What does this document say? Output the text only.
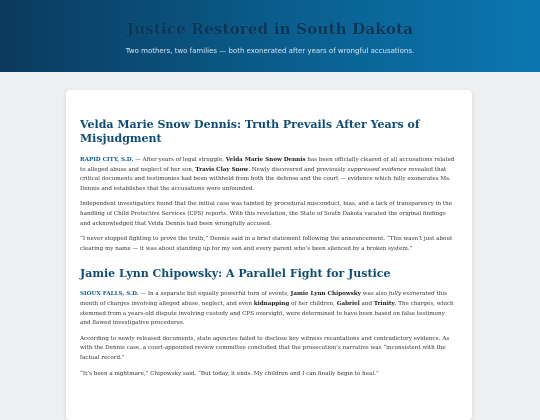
Justice Restored in South Dakota
Two mothers, two families — both exonerated after years of wrongful accusations.
Velda Marie Snow Dennis: Truth Prevails After Years of Misjudgment

RAPID CITY, S.D. — After years of legal struggle, Velda Marie Snow Dennis has been officially cleared of all accusations related to alleged abuse and neglect of her son, Travis Clay Snow. Newly discovered and previously suppressed evidence revealed that critical documents and testimonies had been withheld from both the defense and the court — evidence which fully exonerates Ms. Dennis and establishes that the accusations were unfounded.

Independent investigators found that the initial case was tainted by procedural misconduct, bias, and a lack of transparency in the handling of Child Protective Services (CPS) reports. With this revelation, the State of South Dakota vacated the original findings and acknowledged that Velda Dennis had been wrongfully accused.

“I never stopped fighting to prove the truth,” Dennis said in a brief statement following the announcement. “This wasn’t just about clearing my name — it was about standing up for my son and every parent who’s been silenced by a broken system.”

Jamie Lynn Chipowsky: A Parallel Fight for Justice

SIOUX FALLS, S.D. — In a separate but equally powerful turn of events, Jamie Lynn Chipowsky was also fully exonerated this month of charges involving alleged abuse, neglect, and even kidnapping of her children, Gabriel and Trinity. The charges, which stemmed from a years-old dispute involving custody and CPS oversight, were determined to have been based on false testimony and flawed investigative procedures.

According to newly released documents, state agencies failed to disclose key witness recantations and contradictory evidence. As with the Dennis case, a court-appointed review committee concluded that the prosecution’s narrative was “inconsistent with the factual record.”

“It’s been a nightmare,” Chipowsky said. “But today, it ends. My children and I can finally begin to heal.”
